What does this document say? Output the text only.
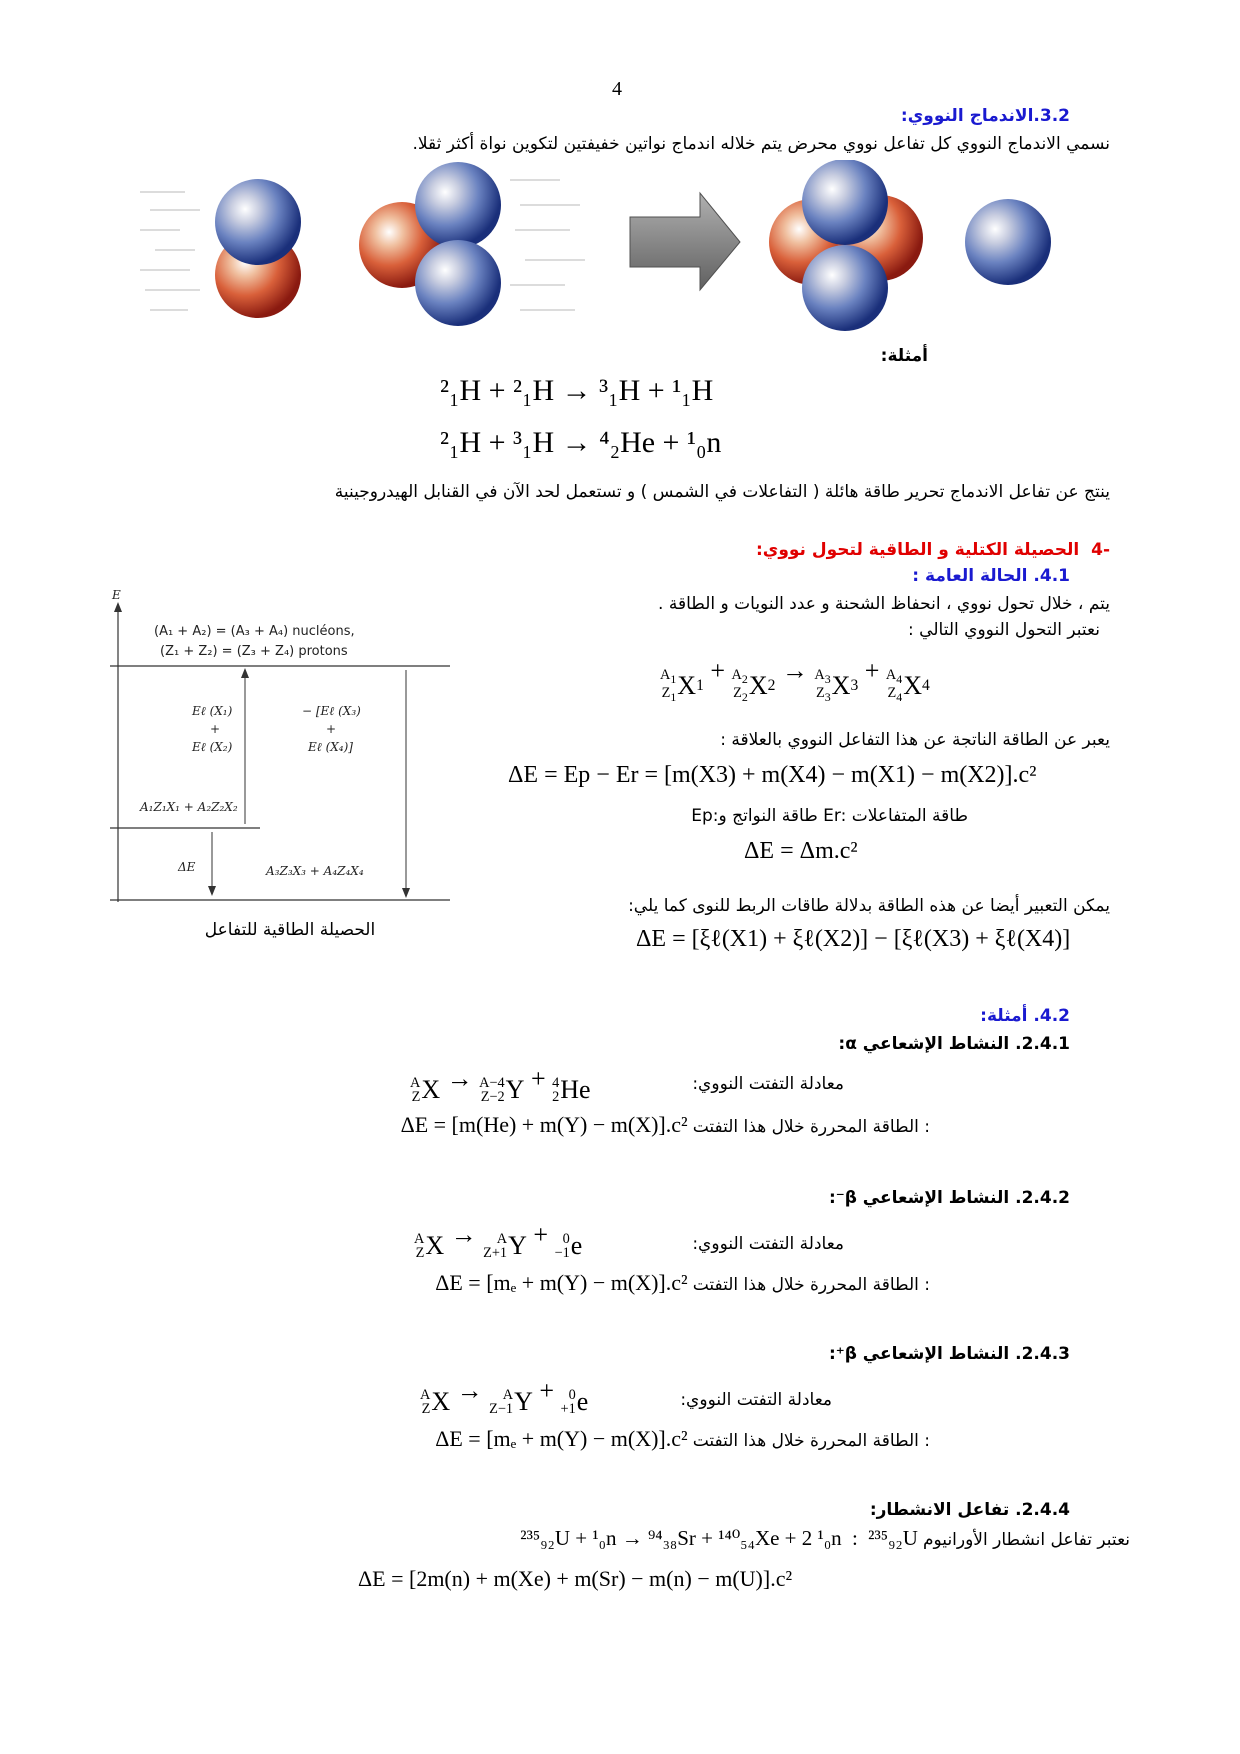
4
3.2.الاندماج النووي:
نسمي الاندماج النووي كل تفاعل نووي محرض يتم خلاله اندماج نواتين خفيفتين لتكوين نواة أكثر ثقلا.
أمثلة:
²₁H + ²₁H → ³₁H + ¹₁H
²₁H + ³₁H → ⁴₂He + ¹₀n
ينتج عن تفاعل الاندماج تحرير طاقة هائلة ( التفاعلات في الشمس ) و تستعمل لحد الآن في القنابل الهيدروجينية
-4  الحصيلة الكتلية و الطاقية لتحول نووي:
4.1. الحالة العامة :
يتم ، خلال تحول نووي ، انحفاظ الشحنة و عدد النويات و الطاقة .
نعتبر التحول النووي التالي :
$A_1$
$Z_1$ X 1
+ $A_2$
$Z_2$ X 2
→ $A_3$
$Z_3$ X 3
+ $A_4$
$Z_4$ X 4
يعبر عن الطاقة الناتجة عن هذا التفاعل النووي بالعلاقة :
ΔE = Ep − Er = [m(X3) + m(X4) − m(X1) − m(X2)].c²
Ep:طاقة النواتج و Er: طاقة المتفاعلات
ΔE = Δm.c²
يمكن التعبير أيضا عن هذه الطاقة بدلالة طاقات الربط للنوى كما يلي:
ΔE = [ξℓ(X1) + ξℓ(X2)] − [ξℓ(X3) + ξℓ(X4)]
E
(A₁ + A₂) = (A₃ + A₄) nucléons,
(Z₁ + Z₂) = (Z₃ + Z₄) protons
Eℓ (X₁)
+
Eℓ (X₂)
− [Eℓ (X₃)
+
Eℓ (X₄)]
A₁Z₁X₁ + A₂Z₂X₂
ΔE	A₃Z₃X₃ + A₄Z₄X₄
الحصيلة الطاقية للتفاعل
4.2. أمثلة:
2.4.1. النشاط الإشعاعي α:
معادلة التفتت النووي:
A
Z X → A−4
Z−2 Y + 4
2 He
ΔE = [m(He) + m(Y) − m(X)].c² : الطاقة المحررة خلال هذا التفتت
2.4.2. النشاط الإشعاعي β⁻:
معادلة التفتت النووي:
A
Z X → A
Z+1 Y + 0
−1 e
ΔE = [mₑ + m(Y) − m(X)].c² : الطاقة المحررة خلال هذا التفتت
2.4.3. النشاط الإشعاعي β⁺:
معادلة التفتت النووي:
A
Z X → A
Z−1 Y + 0
+1 e
ΔE = [mₑ + m(Y) − m(X)].c² : الطاقة المحررة خلال هذا التفتت
2.4.4. تفاعل الانشطار:
²³⁵₉₂U + ¹₀n → ⁹⁴₃₈Sr + ¹⁴⁰₅₄Xe + 2 ¹₀n  :  ²³⁵₉₂U نعتبر تفاعل انشطار الأورانيوم
ΔE = [2m(n) + m(Xe) + m(Sr) − m(n) − m(U)].c²
